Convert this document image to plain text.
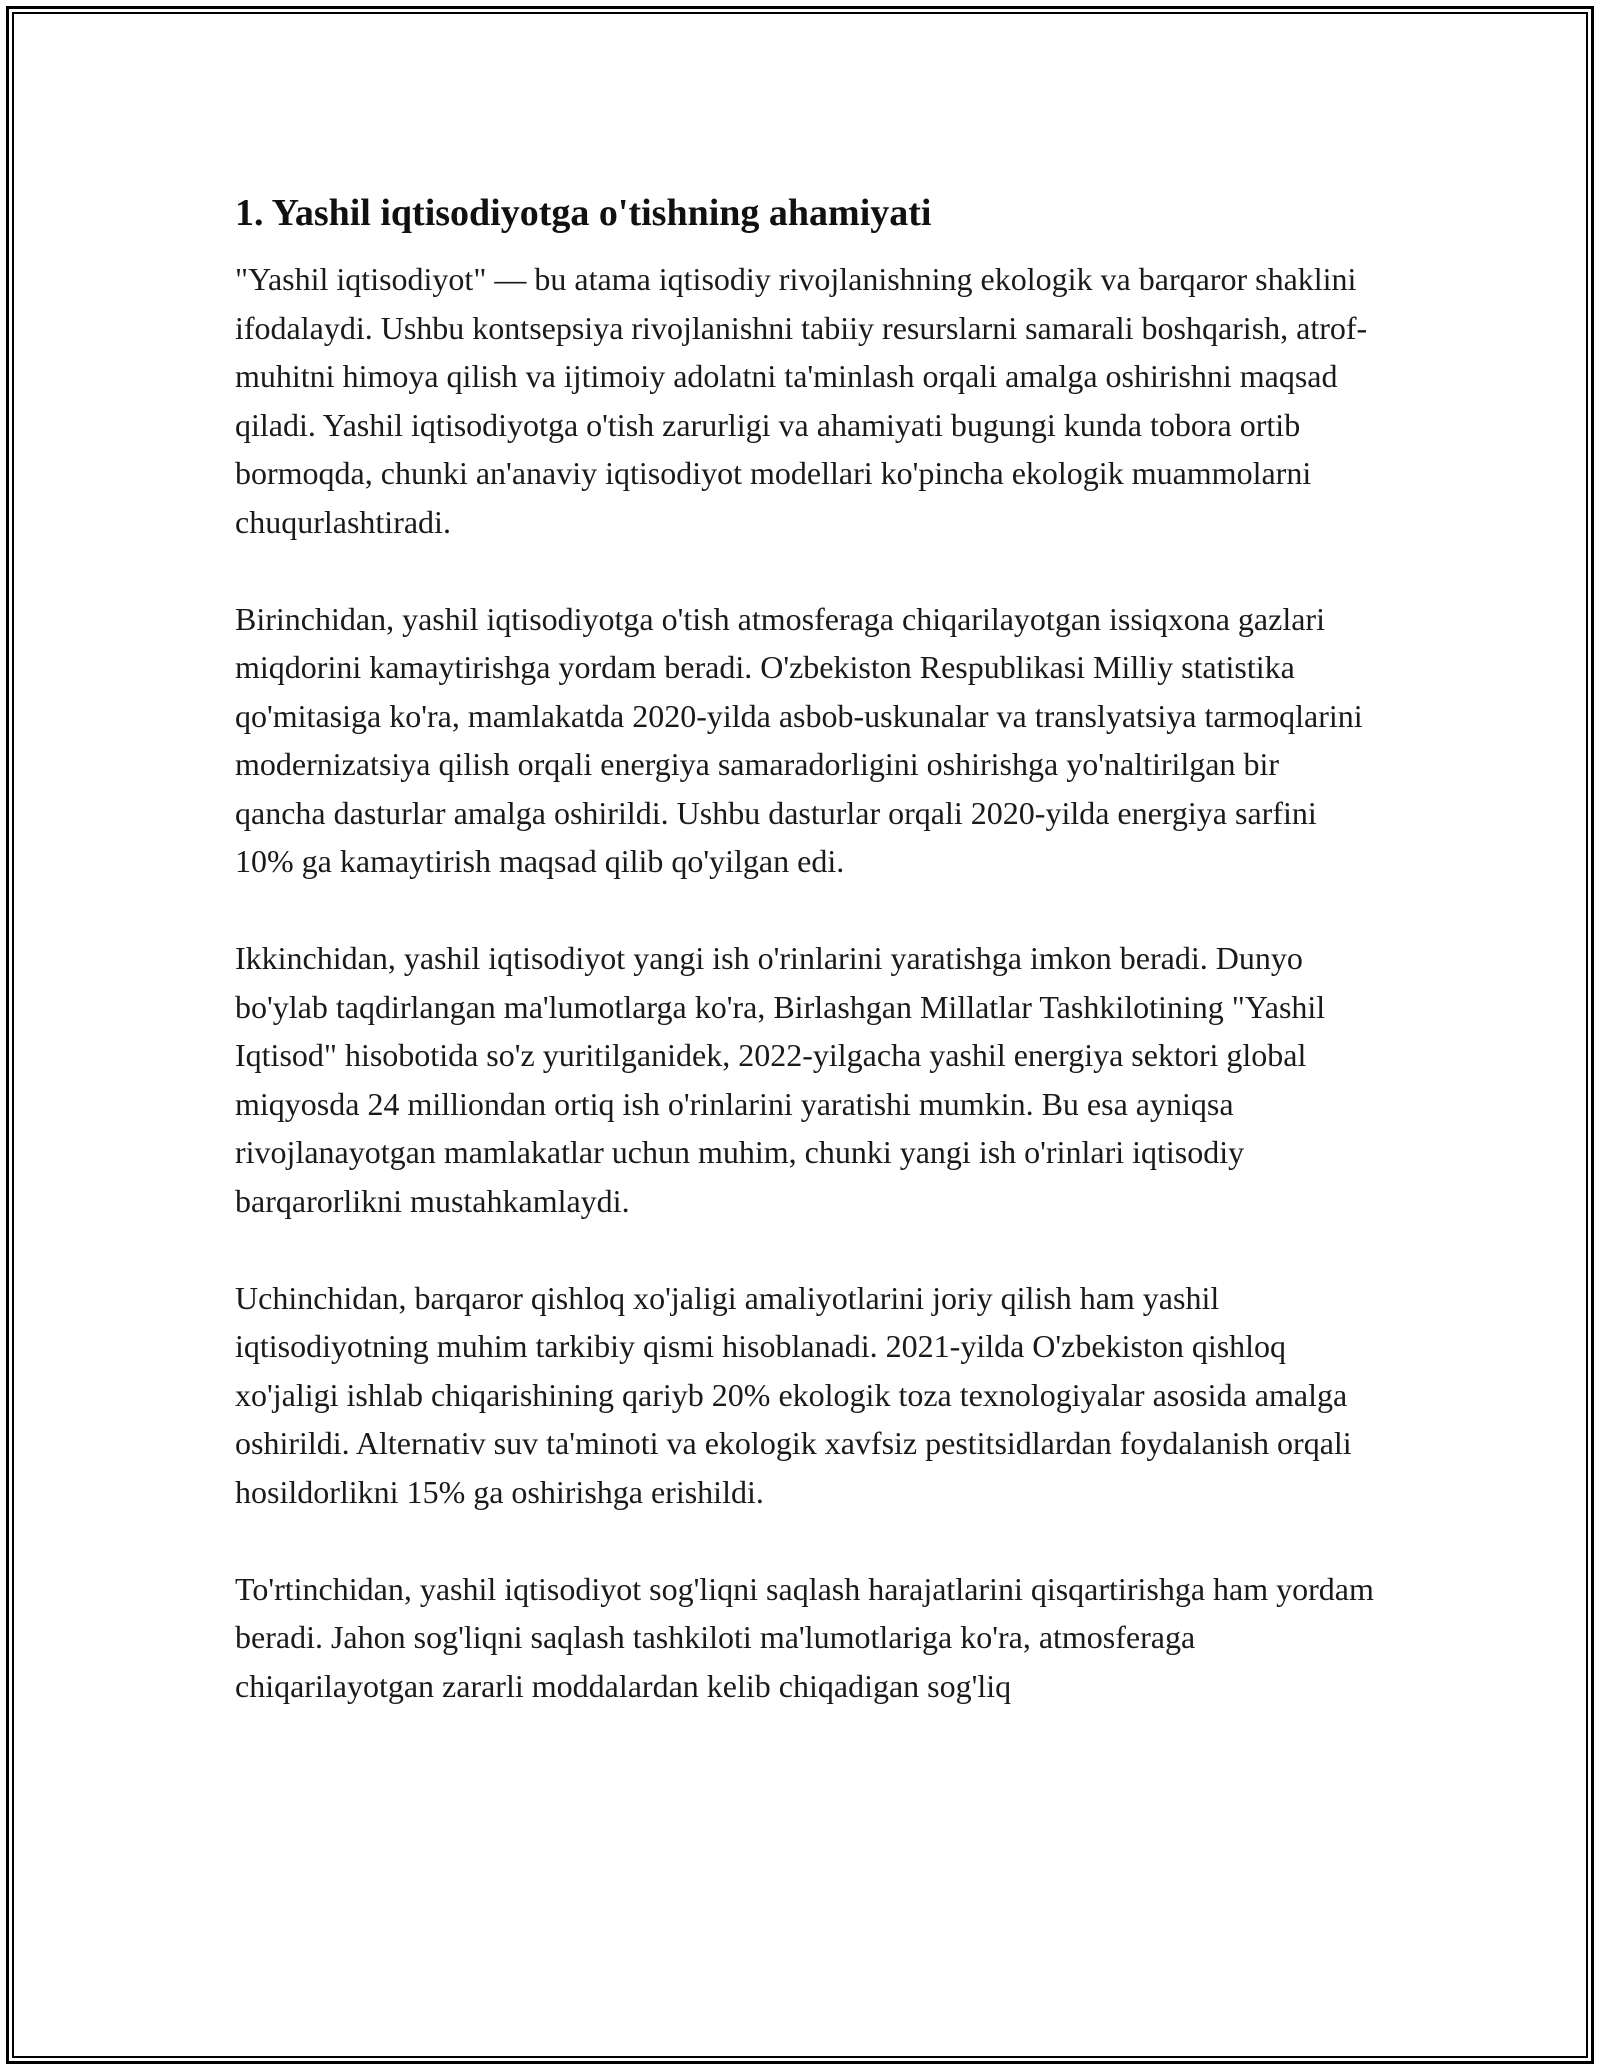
1. Yashil iqtisodiyotga o'tishning ahamiyati

"Yashil iqtisodiyot" — bu atama iqtisodiy rivojlanishning ekologik va barqaror shaklini ifodalaydi. Ushbu kontsepsiya rivojlanishni tabiiy resurslarni samarali boshqarish, atrof-muhitni himoya qilish va ijtimoiy adolatni ta'minlash orqali amalga oshirishni maqsad qiladi. Yashil iqtisodiyotga o'tish zarurligi va ahamiyati bugungi kunda tobora ortib bormoqda, chunki an'anaviy iqtisodiyot modellari ko'pincha ekologik muammolarni chuqurlashtiradi.

Birinchidan, yashil iqtisodiyotga o'tish atmosferaga chiqarilayotgan issiqxona gazlari miqdorini kamaytirishga yordam beradi. O'zbekiston Respublikasi Milliy statistika qo'mitasiga ko'ra, mamlakatda 2020-yilda asbob-uskunalar va translyatsiya tarmoqlarini modernizatsiya qilish orqali energiya samaradorligini oshirishga yo'naltirilgan bir qancha dasturlar amalga oshirildi. Ushbu dasturlar orqali 2020-yilda energiya sarfini 10% ga kamaytirish maqsad qilib qo'yilgan edi.

Ikkinchidan, yashil iqtisodiyot yangi ish o'rinlarini yaratishga imkon beradi. Dunyo bo'ylab taqdirlangan ma'lumotlarga ko'ra, Birlashgan Millatlar Tashkilotining "Yashil Iqtisod" hisobotida so'z yuritilganidek, 2022-yilgacha yashil energiya sektori global miqyosda 24 milliondan ortiq ish o'rinlarini yaratishi mumkin. Bu esa ayniqsa rivojlanayotgan mamlakatlar uchun muhim, chunki yangi ish o'rinlari iqtisodiy barqarorlikni mustahkamlaydi.

Uchinchidan, barqaror qishloq xo'jaligi amaliyotlarini joriy qilish ham yashil iqtisodiyotning muhim tarkibiy qismi hisoblanadi. 2021-yilda O'zbekiston qishloq xo'jaligi ishlab chiqarishining qariyb 20% ekologik toza texnologiyalar asosida amalga oshirildi. Alternativ suv ta'minoti va ekologik xavfsiz pestitsidlardan foydalanish orqali hosildorlikni 15% ga oshirishga erishildi.

To'rtinchidan, yashil iqtisodiyot sog'liqni saqlash harajatlarini qisqartirishga ham yordam beradi. Jahon sog'liqni saqlash tashkiloti ma'lumotlariga ko'ra, atmosferaga chiqarilayotgan zararli moddalardan kelib chiqadigan sog'liq
